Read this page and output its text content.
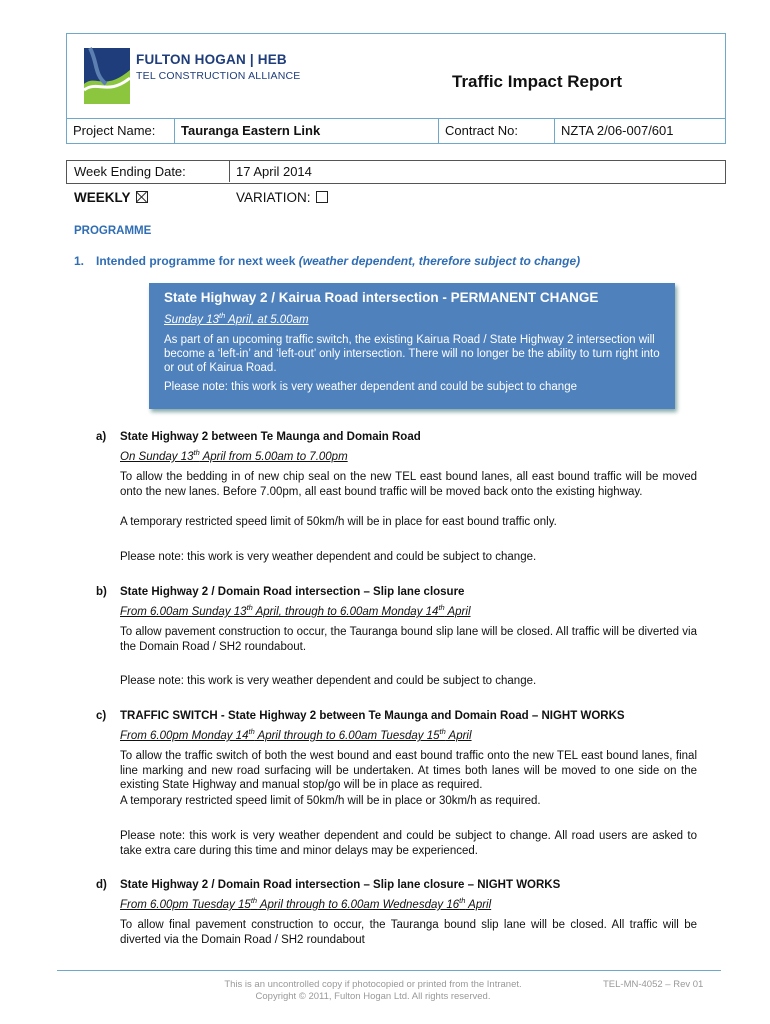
FULTON HOGAN | HEB
TEL CONSTRUCTION ALLIANCE	Traffic Impact Report
Project Name:	Tauranga Eastern Link	Contract No:	NZTA 2/06-007/601
Week Ending Date:	17 April 2014
WEEKLY	VARIATION:
PROGRAMME
1. Intended programme for next week (weather dependent, therefore subject to change)
State Highway 2 / Kairua Road intersection - PERMANENT CHANGE
Sunday 13th April, at 5.00am
As part of an upcoming traffic switch, the existing Kairua Road / State Highway 2 intersection will become a ‘left-in’ and ‘left-out’ only intersection. There will no longer be the ability to turn right into or out of Kairua Road.
Please note: this work is very weather dependent and could be subject to change
a) State Highway 2 between Te Maunga and Domain Road
On Sunday 13th April from 5.00am to 7.00pm
To allow the bedding in of new chip seal on the new TEL east bound lanes, all east bound traffic will be moved onto the new lanes. Before 7.00pm, all east bound traffic will be moved back onto the existing highway.
A temporary restricted speed limit of 50km/h will be in place for east bound traffic only.
Please note: this work is very weather dependent and could be subject to change.
b) State Highway 2 / Domain Road intersection – Slip lane closure
From 6.00am Sunday 13th April, through to 6.00am Monday 14th April
To allow pavement construction to occur, the Tauranga bound slip lane will be closed. All traffic will be diverted via the Domain Road / SH2 roundabout.
Please note: this work is very weather dependent and could be subject to change.
c) TRAFFIC SWITCH - State Highway 2 between Te Maunga and Domain Road – NIGHT WORKS
From 6.00pm Monday 14th April through to 6.00am Tuesday 15th April
To allow the traffic switch of both the west bound and east bound traffic onto the new TEL east bound lanes, final line marking and new road surfacing will be undertaken. At times both lanes will be moved to one side on the existing State Highway and manual stop/go will be in place as required.
A temporary restricted speed limit of 50km/h will be in place or 30km/h as required.
Please note: this work is very weather dependent and could be subject to change. All road users are asked to take extra care during this time and minor delays may be experienced.
d) State Highway 2 / Domain Road intersection – Slip lane closure – NIGHT WORKS
From 6.00pm Tuesday 15th April through to 6.00am Wednesday 16th April
To allow final pavement construction to occur, the Tauranga bound slip lane will be closed. All traffic will be diverted via the Domain Road / SH2 roundabout
This is an uncontrolled copy if photocopied or printed from the Intranet.
Copyright © 2011, Fulton Hogan Ltd. All rights reserved.
TEL-MN-4052 – Rev 01
